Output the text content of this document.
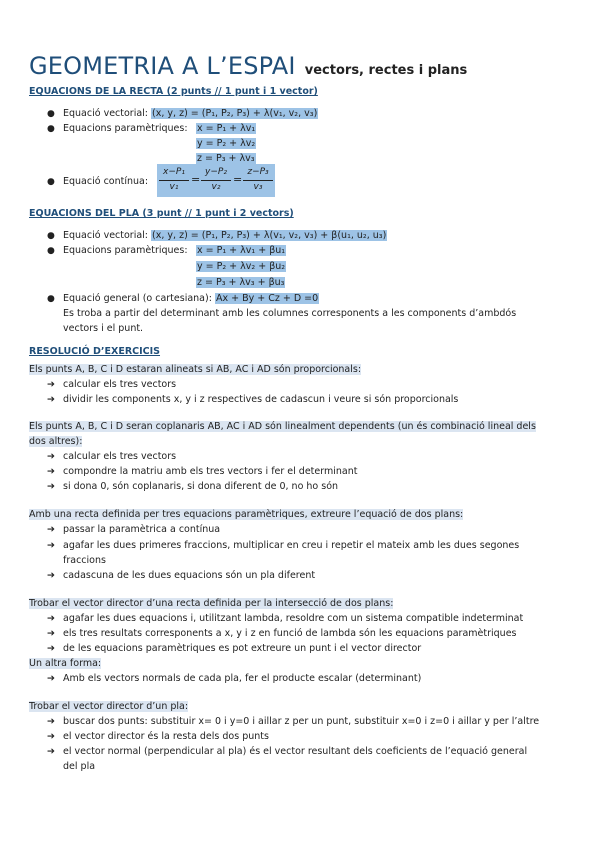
GEOMETRIA A L’ESPAI vectors, rectes i plans
EQUACIONS DE LA RECTA (2 punts // 1 punt i 1 vector)
● Equació vectorial: (x, y, z) = (P₁, P₂, P₃) + λ(v₁, v₂, v₃)
● Equacions paramètriques: x = P₁ + λv₁
y = P₂ + λv₂
z = P₃ + λv₃
● Equació contínua:
x−P₁
v₁
=
y−P₂
v₂
=
z−P₃
v₃
EQUACIONS DEL PLA (3 punt // 1 punt i 2 vectors)
● Equació vectorial: (x, y, z) = (P₁, P₂, P₃) + λ(v₁, v₂, v₃) + β(u₁, u₂, u₃)
● Equacions paramètriques: x = P₁ + λv₁ + βu₁
y = P₂ + λv₂ + βu₂
z = P₃ + λv₃ + βu₃
● Equació general (o cartesiana): Ax + By + Cz + D =0
Es troba a partir del determinant amb les columnes corresponents a les components d’ambdós
vectors i el punt.
RESOLUCIÓ D’EXERCICIS
Els punts A, B, C i D estaran alineats si AB, AC i AD són proporcionals:
➔ calcular els tres vectors
➔ dividir les components x, y i z respectives de cadascun i veure si són proporcionals
Els punts A, B, C i D seran coplanaris AB, AC i AD són linealment dependents (un és combinació lineal dels
dos altres):
➔ calcular els tres vectors
➔ compondre la matriu amb els tres vectors i fer el determinant
➔ si dona 0, són coplanaris, si dona diferent de 0, no ho són
Amb una recta definida per tres equacions paramètriques, extreure l’equació de dos plans:
➔ passar la paramètrica a contínua
➔ agafar les dues primeres fraccions, multiplicar en creu i repetir el mateix amb les dues segones
fraccions
➔ cadascuna de les dues equacions són un pla diferent
Trobar el vector director d’una recta definida per la intersecció de dos plans:
➔ agafar les dues equacions i, utilitzant lambda, resoldre com un sistema compatible indeterminat
➔ els tres resultats corresponents a x, y i z en funció de lambda són les equacions paramètriques
➔ de les equacions paramètriques es pot extreure un punt i el vector director
Un altra forma:
➔ Amb els vectors normals de cada pla, fer el producte escalar (determinant)
Trobar el vector director d’un pla:
➔ buscar dos punts: substituir x= 0 i y=0 i aillar z per un punt, substituir x=0 i z=0 i aillar y per l’altre
➔ el vector director és la resta dels dos punts
➔ el vector normal (perpendicular al pla) és el vector resultant dels coeficients de l’equació general
del pla
